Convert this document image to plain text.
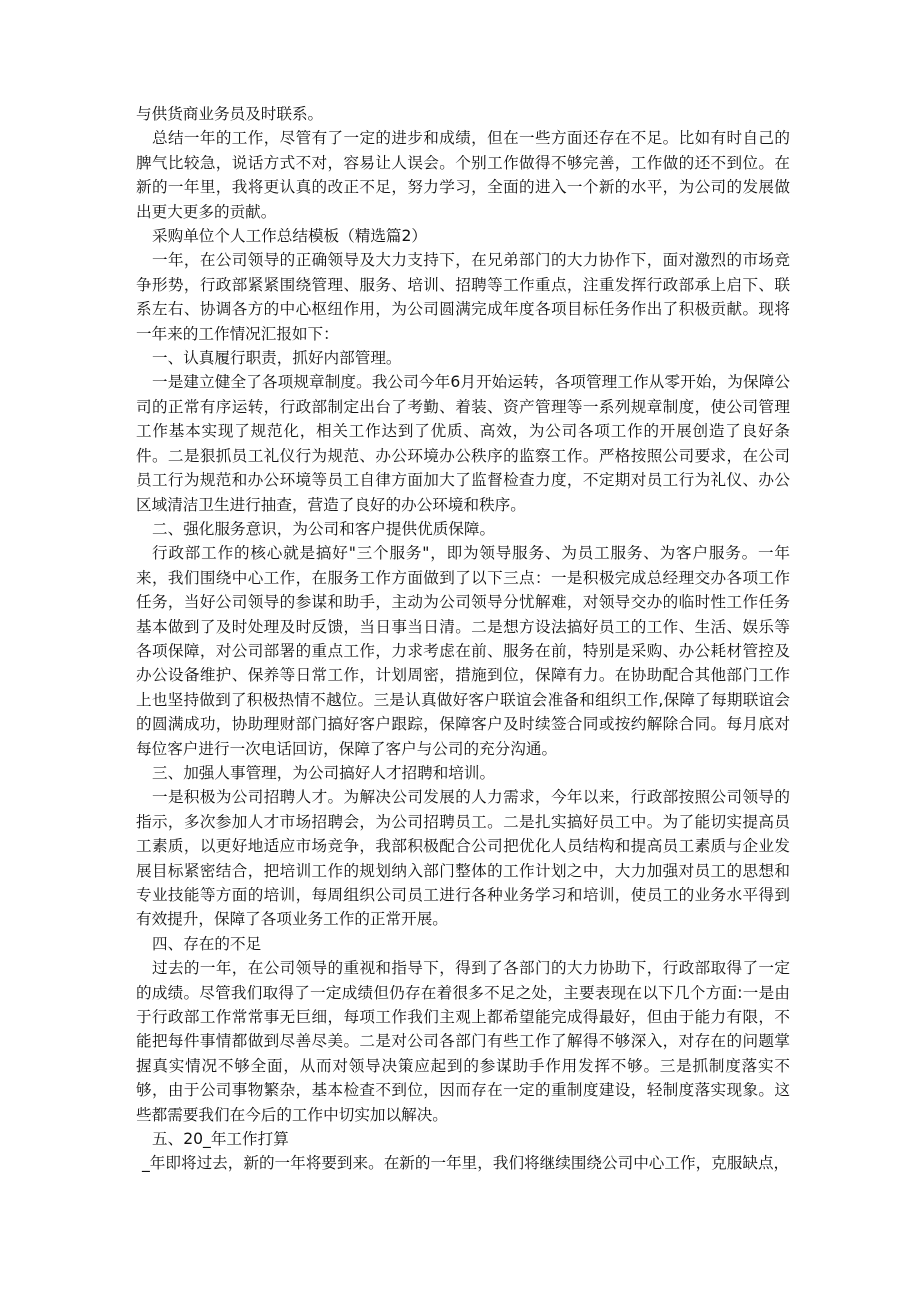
与供货商业务员及时联系。

总结一年的工作，尽管有了一定的进步和成绩，但在一些方面还存在不足。比如有时自己的脾气比较急，说话方式不对，容易让人误会。个别工作做得不够完善，工作做的还不到位。在新的一年里，我将更认真的改正不足，努力学习，全面的进入一个新的水平，为公司的发展做出更大更多的贡献。

采购单位个人工作总结模板（精选篇2）

一年，在公司领导的正确领导及大力支持下，在兄弟部门的大力协作下，面对激烈的市场竞争形势，行政部紧紧围绕管理、服务、培训、招聘等工作重点，注重发挥行政部承上启下、联系左右、协调各方的中心枢纽作用，为公司圆满完成年度各项目标任务作出了积极贡献。现将一年来的工作情况汇报如下：

一、认真履行职责，抓好内部管理。

一是建立健全了各项规章制度。我公司今年6月开始运转，各项管理工作从零开始，为保障公司的正常有序运转，行政部制定出台了考勤、着装、资产管理等一系列规章制度，使公司管理工作基本实现了规范化，相关工作达到了优质、高效，为公司各项工作的开展创造了良好条件。二是狠抓员工礼仪行为规范、办公环境办公秩序的监察工作。严格按照公司要求，在公司员工行为规范和办公环境等员工自律方面加大了监督检查力度，不定期对员工行为礼仪、办公区域清洁卫生进行抽查，营造了良好的办公环境和秩序。

二、强化服务意识，为公司和客户提供优质保障。

行政部工作的核心就是搞好"三个服务"，即为领导服务、为员工服务、为客户服务。一年来，我们围绕中心工作，在服务工作方面做到了以下三点：一是积极完成总经理交办各项工作任务，当好公司领导的参谋和助手，主动为公司领导分忧解难，对领导交办的临时性工作任务基本做到了及时处理及时反馈，当日事当日清。二是想方设法搞好员工的工作、生活、娱乐等各项保障，对公司部署的重点工作，力求考虑在前、服务在前，特别是采购、办公耗材管控及办公设备维护、保养等日常工作，计划周密，措施到位，保障有力。在协助配合其他部门工作上也坚持做到了积极热情不越位。三是认真做好客户联谊会准备和组织工作,保障了每期联谊会的圆满成功，协助理财部门搞好客户跟踪，保障客户及时续签合同或按约解除合同。每月底对每位客户进行一次电话回访，保障了客户与公司的充分沟通。

三、加强人事管理，为公司搞好人才招聘和培训。

一是积极为公司招聘人才。为解决公司发展的人力需求，今年以来，行政部按照公司领导的指示，多次参加人才市场招聘会，为公司招聘员工。二是扎实搞好员工中。为了能切实提高员工素质，以更好地适应市场竞争，我部积极配合公司把优化人员结构和提高员工素质与企业发展目标紧密结合，把培训工作的规划纳入部门整体的工作计划之中，大力加强对员工的思想和专业技能等方面的培训，每周组织公司员工进行各种业务学习和培训，使员工的业务水平得到有效提升，保障了各项业务工作的正常开展。

四、存在的不足

过去的一年，在公司领导的重视和指导下，得到了各部门的大力协助下，行政部取得了一定的成绩。尽管我们取得了一定成绩但仍存在着很多不足之处，主要表现在以下几个方面:一是由于行政部工作常常事无巨细，每项工作我们主观上都希望能完成得最好，但由于能力有限，不能把每件事情都做到尽善尽美。二是对公司各部门有些工作了解得不够深入，对存在的问题掌握真实情况不够全面，从而对领导决策应起到的参谋助手作用发挥不够。三是抓制度落实不够，由于公司事物繁杂，基本检查不到位，因而存在一定的重制度建设，轻制度落实现象。这些都需要我们在今后的工作中切实加以解决。

五、20_年工作打算

_年即将过去，新的一年将要到来。在新的一年里，我们将继续围绕公司中心工作，克服缺点，
